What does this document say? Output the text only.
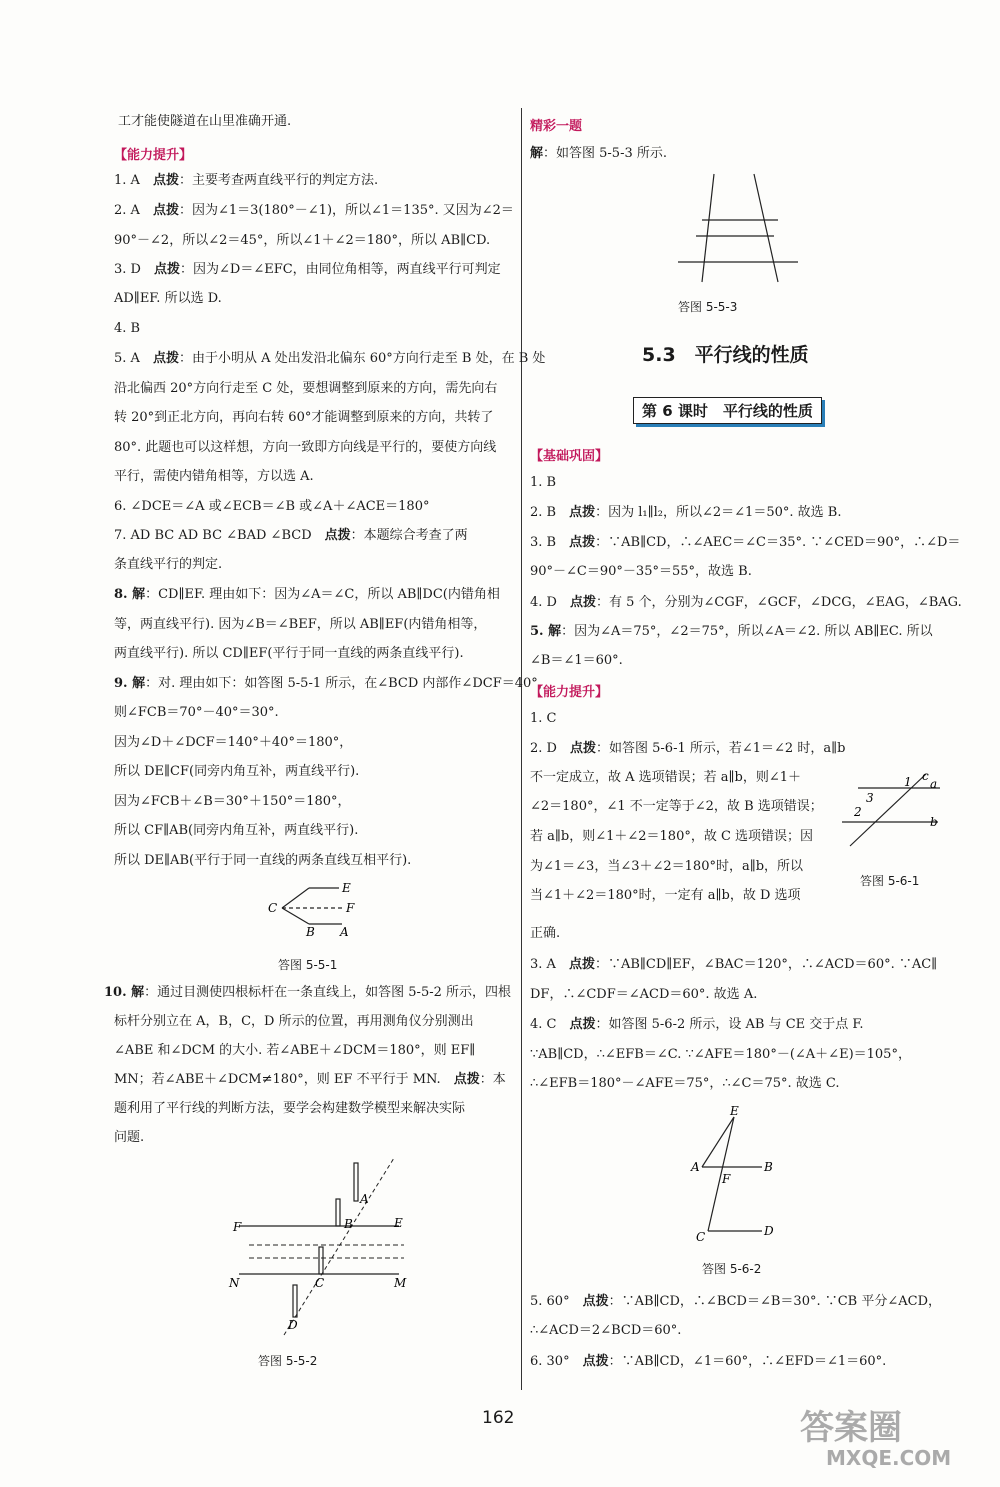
工才能使隧道在山里准确开通.
【能力提升】
1. A　 点拨：主要考查两直线平行的判定方法.
2. A　 点拨：因为∠1＝3(180°－∠1)，所以∠1＝135°. 又因为∠2＝
90°－∠2，所以∠2＝45°，所以∠1＋∠2＝180°，所以 AB∥CD.
3. D　 点拨：因为∠D＝∠EFC，由同位角相等，两直线平行可判定
AD∥EF. 所以选 D.
4. B
5. A　 点拨：由于小明从 A 处出发沿北偏东 60°方向行走至 B 处，在 B 处
沿北偏西 20°方向行走至 C 处，要想调整到原来的方向，需先向右
转 20°到正北方向，再向右转 60°才能调整到原来的方向，共转了
80°. 此题也可以这样想，方向一致即方向线是平行的，要使方向线
平行，需使内错角相等，方以选 A.
6. ∠DCE＝∠A 或∠ECB＝∠B 或∠A＋∠ACE＝180°
7. AD BC AD BC ∠BAD ∠BCD　 点拨：本题综合考查了两
条直线平行的判定.
8. 解：CD∥EF. 理由如下：因为∠A＝∠C，所以 AB∥DC(内错角相
等，两直线平行). 因为∠B＝∠BEF，所以 AB∥EF(内错角相等，
两直线平行). 所以 CD∥EF(平行于同一直线的两条直线平行).
9. 解：对. 理由如下：如答图 5-5-1 所示，在∠BCD 内部作∠DCF＝40°，
则∠FCB＝70°－40°＝30°.
因为∠D＋∠DCF＝140°＋40°＝180°，
所以 DE∥CF(同旁内角互补，两直线平行).
因为∠FCB＋∠B＝30°＋150°＝180°，
所以 CF∥AB(同旁内角互补，两直线平行).
所以 DE∥AB(平行于同一直线的两条直线互相平行).
C
E
F
B A
答图 5-5-1
10. 解：通过目测使四根标杆在一条直线上，如答图 5-5-2 所示，四根
标杆分别立在 A，B，C，D 所示的位置，再用测角仪分别测出
∠ABE 和∠DCM 的大小. 若∠ABE＋∠DCM＝180°，则 EF∥
MN；若∠ABE＋∠DCM≠180°，则 EF 不平行于 MN.　 点拨：本
题利用了平行线的判断方法，要学会构建数学模型来解决实际
问题.
F	B	E
A
N	C	M
D
答图 5-5-2
精彩一题
解：如答图 5-5-3 所示.
答图 5-5-3
5.3　平行线的性质
第 6 课时　平行线的性质
【基础巩固】
1. B
2. B　 点拨：因为 l₁∥l₂，所以∠2＝∠1＝50°. 故选 B.
3. B　 点拨：∵AB∥CD，∴∠AEC＝∠C＝35°. ∵∠CED＝90°，∴∠D＝
90°－∠C＝90°－35°＝55°，故选 B.
4. D　 点拨：有 5 个，分别为∠CGF，∠GCF，∠DCG，∠EAG，∠BAG.
5. 解：因为∠A＝75°，∠2＝75°，所以∠A＝∠2. 所以 AB∥EC. 所以
∠B＝∠1＝60°.
【能力提升】
1. C
2. D　 点拨：如答图 5-6-1 所示，若∠1＝∠2 时，a∥b
不一定成立，故 A 选项错误；若 a∥b，则∠1＋
∠2＝180°，∠1 不一定等于∠2，故 B 选项错误；
若 a∥b，则∠1＋∠2＝180°，故 C 选项错误；因
为∠1＝∠3，当∠3＋∠2＝180°时，a∥b，所以
当∠1＋∠2＝180°时，一定有 a∥b，故 D 选项
正确.
c
1 a
3
2
b
答图 5-6-1
3. A　 点拨：∵AB∥CD∥EF，∠BAC＝120°，∴∠ACD＝60°. ∵AC∥
DF，∴∠CDF＝∠ACD＝60°. 故选 A.
4. C　 点拨：如答图 5-6-2 所示，设 AB 与 CE 交于点 F.
∵AB∥CD，∴∠EFB＝∠C. ∵∠AFE＝180°－(∠A＋∠E)＝105°，
∴∠EFB＝180°－∠AFE＝75°，∴∠C＝75°. 故选 C.
E
A
F
B
C	D
答图 5-6-2
5. 60°　 点拨：∵AB∥CD，∴∠BCD＝∠B＝30°. ∵CB 平分∠ACD，
∴∠ACD＝2∠BCD＝60°.
6. 30°　 点拨：∵AB∥CD，∠1＝60°，∴∠EFD＝∠1＝60°.
162	答案圈
MXQE.COM
